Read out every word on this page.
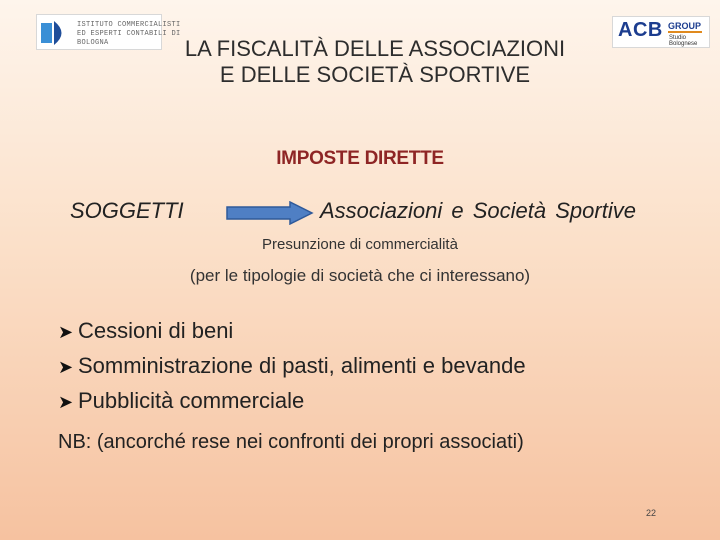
ISTITUTO COMMERCIALISTI
ED ESPERTI CONTABILI DI
BOLOGNA
ACB GROUP
Studio Bolognese
LA FISCALITÀ DELLE ASSOCIAZIONI
E DELLE SOCIETÀ SPORTIVE
IMPOSTE DIRETTE
SOGGETTI	Associazioni e Società Sportive
Presunzione di commercialità
(per le tipologie di società che ci interessano)
➤ Cessioni di beni
➤ Somministrazione di pasti, alimenti e bevande
➤ Pubblicità commerciale
NB: (ancorché rese nei confronti dei propri associati)
22
